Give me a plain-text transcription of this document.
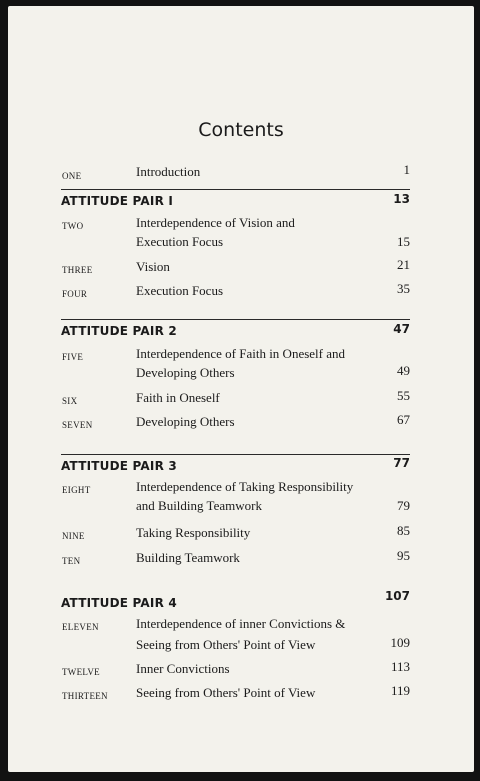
Contents
ONE	Introduction	1
ATTITUDE PAIR I	13
TWO	Interdependence of Vision and
Execution Focus	15
THREE	Vision	21
FOUR	Execution Focus	35
ATTITUDE PAIR 2	47
FIVE	Interdependence of Faith in Oneself and
Developing Others	49
SIX	Faith in Oneself	55
SEVEN	Developing Others	67
ATTITUDE PAIR 3	77
EIGHT	Interdependence of Taking Responsibility
and Building Teamwork	79
NINE	Taking Responsibility	85
TEN	Building Teamwork	95
ATTITUDE PAIR 4	107
ELEVEN	Interdependence of inner Convictions &
Seeing from Others' Point of View	109
TWELVE	Inner Convictions	113
THIRTEEN Seeing from Others' Point of View	119
